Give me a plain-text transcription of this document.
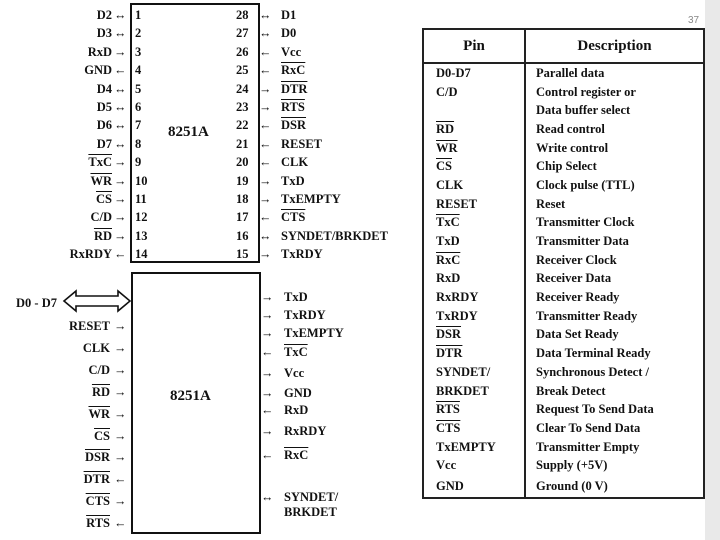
37
8251A
D2 ↔ 1
D3 ↔ 2
RxD → 3
GND ← 4
D4 ↔ 5
D5 ↔ 6
D6 ↔ 7
D7 ↔ 8
$\overline{TxC} \to 9$
$\overline{WR} \to 10$
$\overline{CS} \to 11$
C/D → 12
$\overline{RD} \to 13$
RxRDY ← 14
28 ↔ D1
27 ↔ D0
26 ← Vcc
25 ← $\overline{RxC}$
$24 \to \overline{DTR}$
$23 \to \overline{RTS}$
22 ← $\overline{DSR}$
21 ← RESET
20 ← CLK
19 → TxD
18 → TxEMPTY
17 ← $\overline{CTS}$
16 ↔ SYNDET/BRKDET
15 → TxRDY
8251A
D0 - D7
RESET →
CLK →
C/D →
$\overline{RD}$ →
$\overline{WR}$ →
$\overline{CS}$ →
$\overline{DSR}$ →
$\overline{DTR}$ ←
$\overline{CTS}$ →
$\overline{RTS}$ ←
→ TxD
→ TxRDY
→ TxEMPTY
← $\overline{TxC}$
→ Vcc
→ GND
← RxD
→ RxRDY
← $\overline{RxC}$
↔ SYNDET/
BRKDET
Pin	Description
D0-D7	Parallel data
C/D	Control register or
	Data buffer select
$\overline{RD}$	Read control
$\overline{WR}$	Write control
$\overline{CS}$	Chip Select
CLK	Clock pulse (TTL)
RESET	Reset
$\overline{TxC}$	Transmitter Clock
TxD	Transmitter Data
$\overline{RxC}$	Receiver Clock
RxD	Receiver Data
RxRDY	Receiver Ready
TxRDY	Transmitter Ready
$\overline{DSR}$	Data Set Ready
$\overline{DTR}$	Data Terminal Ready
SYNDET/	Synchronous Detect /
BRKDET	Break Detect
$\overline{RTS}$	Request To Send Data
$\overline{CTS}$	Clear To Send Data
TxEMPTY	Transmitter Empty
Vcc	Supply (+5V)
GND	Ground (0 V)
